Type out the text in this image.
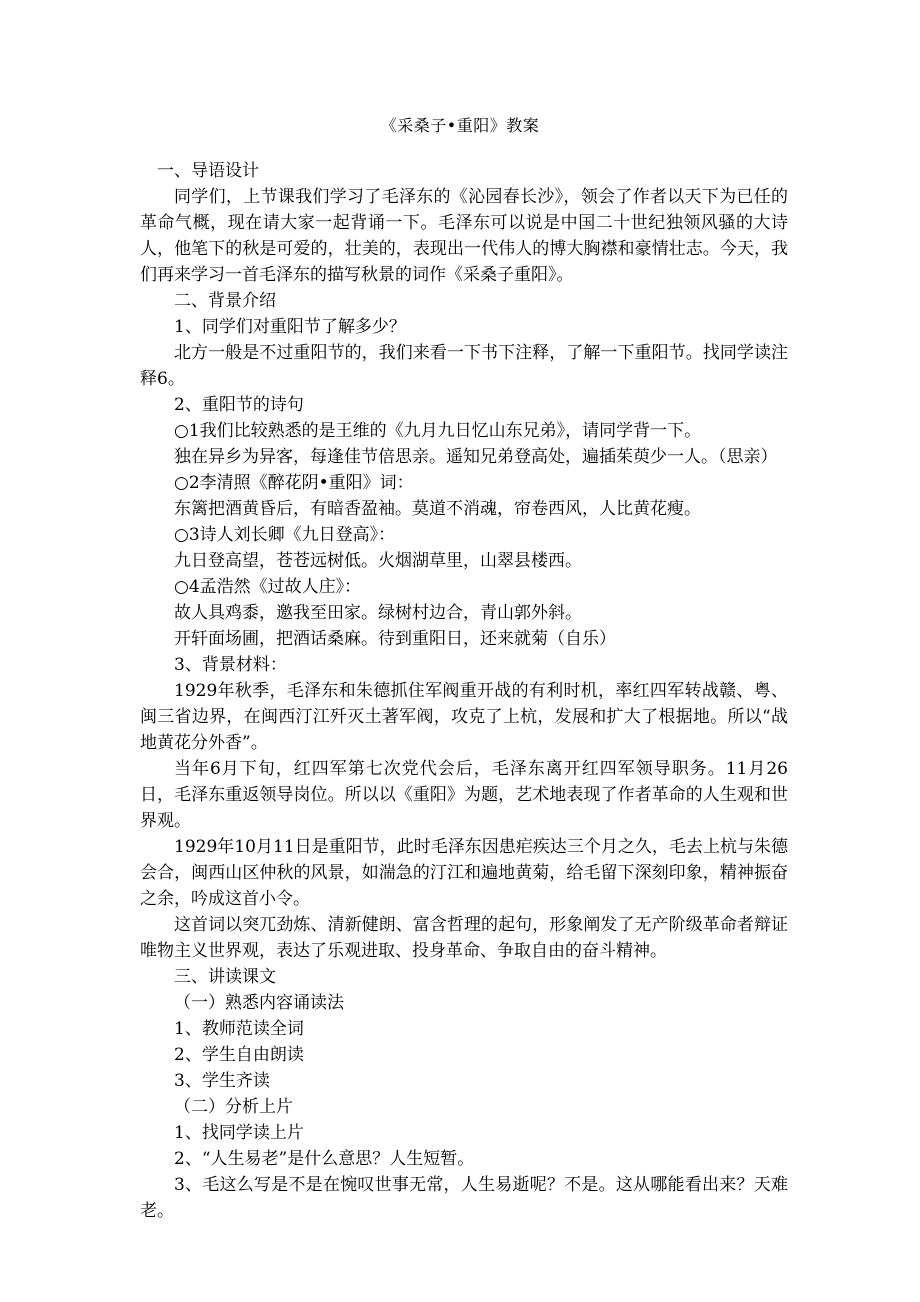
《采桑子•重阳》教案

一、导语设计

同学们，上节课我们学习了毛泽东的《沁园春长沙》，领会了作者以天下为已任的革命气概，现在请大家一起背诵一下。毛泽东可以说是中国二十世纪独领风骚的大诗人，他笔下的秋是可爱的，壮美的，表现出一代伟人的博大胸襟和豪情壮志。今天，我们再来学习一首毛泽东的描写秋景的词作《采桑子重阳》。

二、背景介绍

1、同学们对重阳节了解多少？

北方一般是不过重阳节的，我们来看一下书下注释，了解一下重阳节。找同学读注释6。

2、重阳节的诗句

○1我们比较熟悉的是王维的《九月九日忆山东兄弟》，请同学背一下。

独在异乡为异客，每逢佳节倍思亲。遥知兄弟登高处，遍插茱萸少一人。（思亲）

○2李清照《醉花阴•重阳》词：

东篱把酒黄昏后，有暗香盈袖。莫道不消魂，帘卷西风，人比黄花瘦。

○3诗人刘长卿《九日登高》：

九日登高望，苍苍远树低。火烟湖草里，山翠县楼西。

○4孟浩然《过故人庄》：

故人具鸡黍，邀我至田家。绿树村边合，青山郭外斜。

开轩面场圃，把酒话桑麻。待到重阳日，还来就菊（自乐）

3、背景材料：

1929年秋季，毛泽东和朱德抓住军阀重开战的有利时机，率红四军转战赣、粤、闽三省边界，在闽西汀江歼灭土著军阀，攻克了上杭，发展和扩大了根据地。所以“战地黄花分外香”。

当年6月下旬，红四军第七次党代会后，毛泽东离开红四军领导职务。11月26日，毛泽东重返领导岗位。所以以《重阳》为题，艺术地表现了作者革命的人生观和世界观。

1929年10月11日是重阳节，此时毛泽东因患疟疾达三个月之久，毛去上杭与朱德会合，闽西山区仲秋的风景，如湍急的汀江和遍地黄菊，给毛留下深刻印象，精神振奋之余，吟成这首小令。

这首词以突兀劲炼、清新健朗、富含哲理的起句，形象阐发了无产阶级革命者辩证唯物主义世界观，表达了乐观进取、投身革命、争取自由的奋斗精神。

三、讲读课文

（一）熟悉内容诵读法

1、教师范读全词

2、学生自由朗读

3、学生齐读

（二）分析上片

1、找同学读上片

2、“人生易老”是什么意思？人生短暂。

3、毛这么写是不是在惋叹世事无常，人生易逝呢？不是。这从哪能看出来？天难老。
